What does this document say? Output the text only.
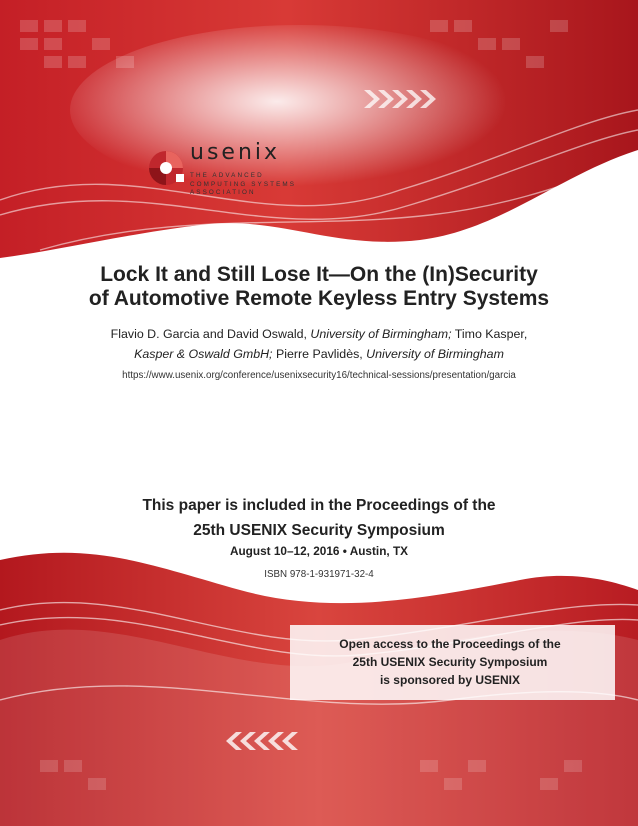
usenix
THE ADVANCED
COMPUTING SYSTEMS
ASSOCIATION
Lock It and Still Lose It—On the (In)Security
of Automotive Remote Keyless Entry Systems
Flavio D. Garcia and David Oswald, University of Birmingham; Timo Kasper,
Kasper & Oswald GmbH; Pierre Pavlidès, University of Birmingham
https://www.usenix.org/conference/usenixsecurity16/technical-sessions/presentation/garcia
This paper is included in the Proceedings of the
25th USENIX Security Symposium
August 10–12, 2016 • Austin, TX
ISBN 978-1-931971-32-4
Open access to the Proceedings of the
25th USENIX Security Symposium
is sponsored by USENIX
